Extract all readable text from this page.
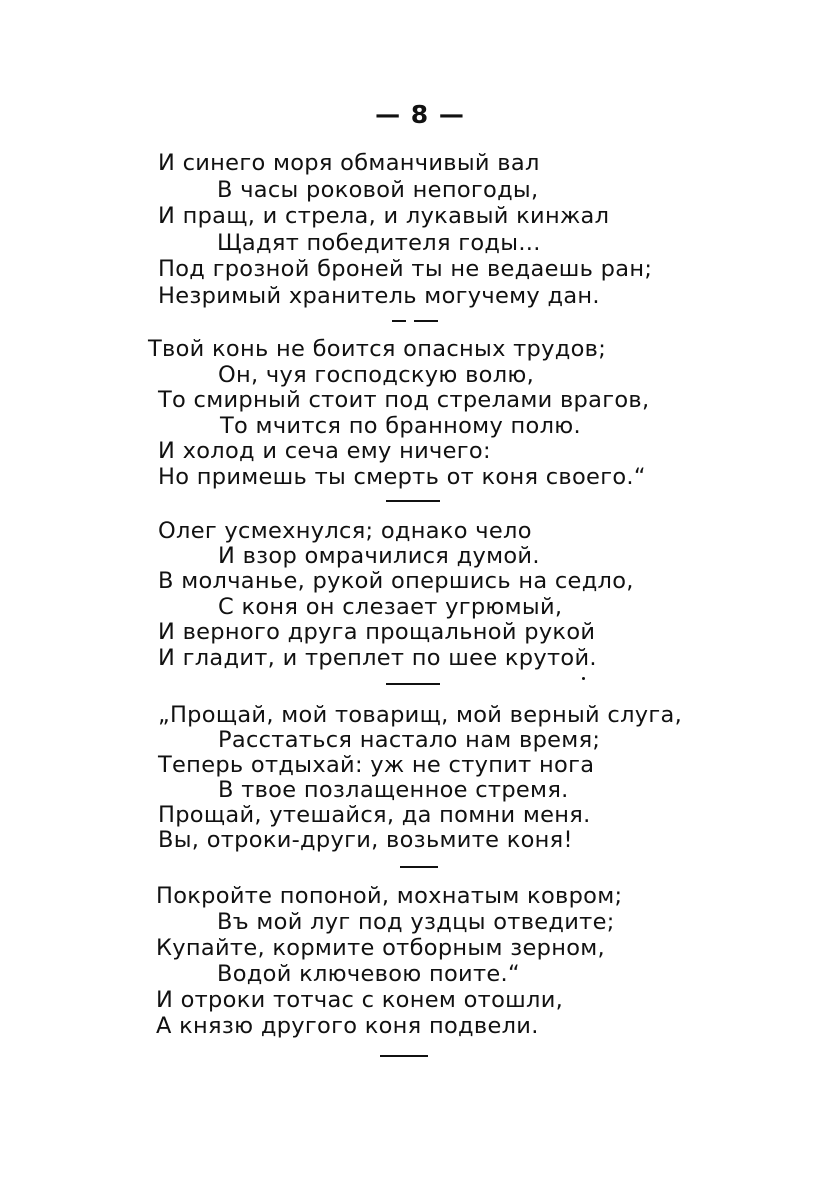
— 8 —
И синего моря обманчивый вал
В часы роковой непогоды,
И пращ, и стрела, и лукавый кинжал
Щадят победителя годы...
Под грозной броней ты не ведаешь ран;
Незримый хранитель могучему дан.
Твой конь не боится опасных трудов;
Он, чуя господскую волю,
То смирный стоит под стрелами врагов,
То мчится по бранному полю.
И холод и сеча ему ничего:
Но примешь ты смерть от коня своего.“
Олег усмехнулся; однако чело
И взор омрачилися думой.
В молчанье, рукой опершись на седло,
С коня он слезает угрюмый,
И верного друга прощальной рукой
И гладит, и треплет по шее крутой.
„Прощай, мой товарищ, мой верный слуга,
Расстаться настало нам время;
Теперь отдыхай: уж не ступит нога
В твое позлащенное стремя.
Прощай, утешайся, да помни меня.
Вы, отроки-други, возьмите коня!
Покройте попоной, мохнатым ковром;
Въ мой луг под уздцы отведите;
Купайте, кормите отборным зерном,
Водой ключевою поите.“
И отроки тотчас с конем отошли,
А князю другого коня подвели.
